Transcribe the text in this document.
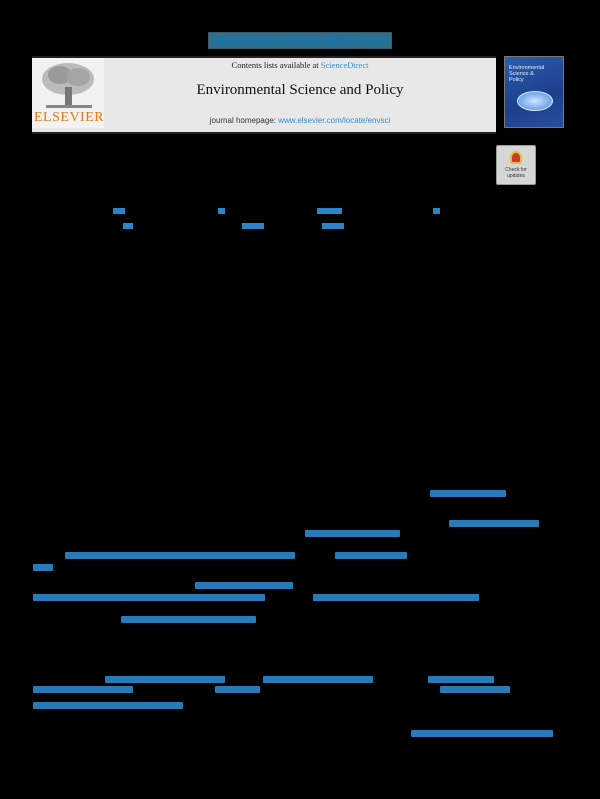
https://doi.org/10.1016/j.envsci.2019.xx.xxx
ELSEVIER
Contents lists available at ScienceDirect
Environmental Science and Policy
journal homepage: www.elsevier.com/locate/envsci
Environmental
Science &
Policy
Check for updates
